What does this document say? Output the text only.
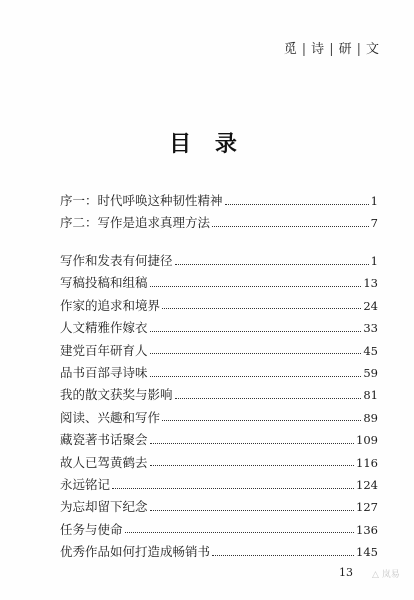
觅 | 诗 | 研 | 文
目 录
序一：时代呼唤这种韧性精神	1
序二：写作是追求真理方法	7
写作和发表有何捷径	1
写稿投稿和组稿	13
作家的追求和境界	24
人文精雅作嫁衣	33
建党百年研育人	45
品书百部寻诗味	59
我的散文获奖与影响	81
阅读、兴趣和写作	89
藏瓷著书话聚会	109
故人已驾黄鹤去	116
永远铭记	124
为忘却留下纪念	127
任务与使命	136
优秀作品如何打造成畅销书	145
13 △ 岚易
